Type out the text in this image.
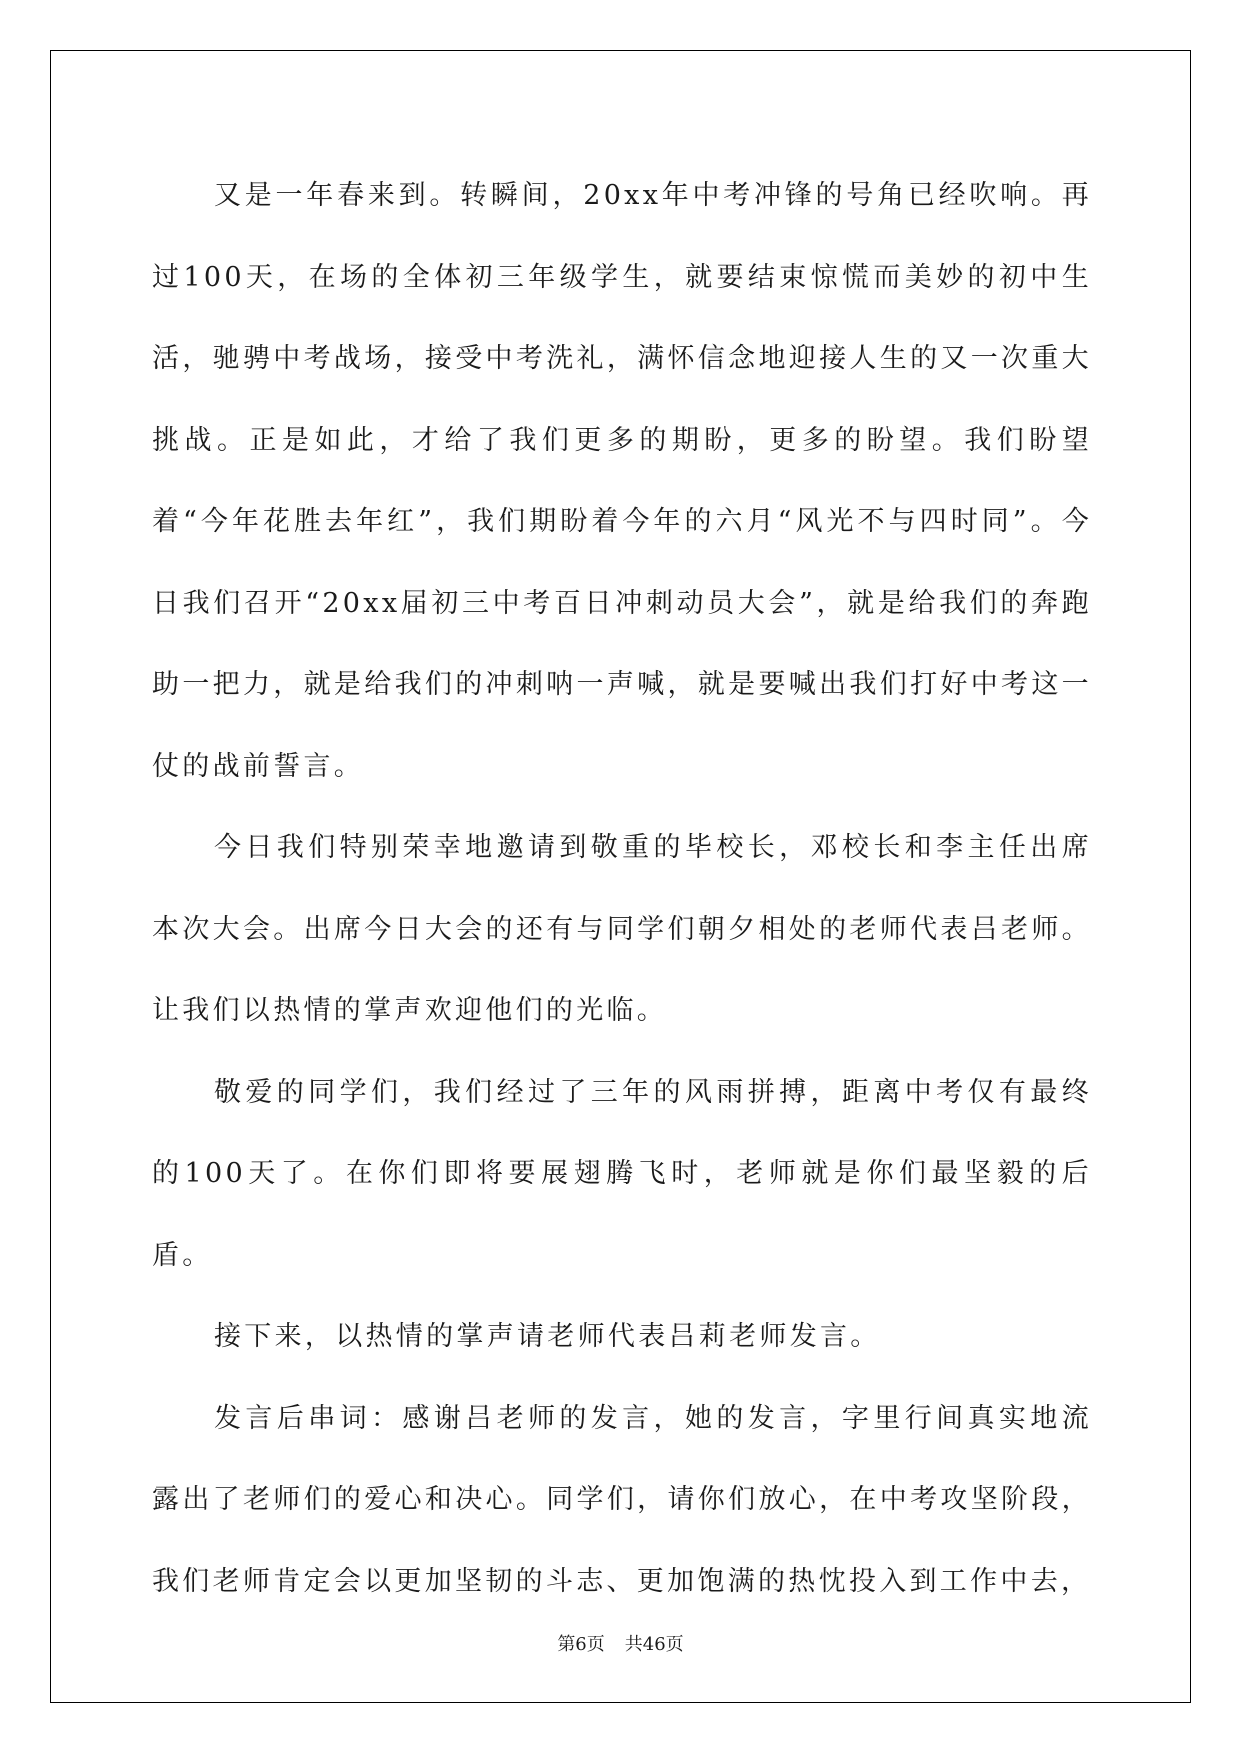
又是一年春来到。转瞬间，20xx年中考冲锋的号角已经吹响。再过100天，在场的全体初三年级学生，就要结束惊慌而美妙的初中生活，驰骋中考战场，接受中考洗礼，满怀信念地迎接人生的又一次重大挑战。正是如此，才给了我们更多的期盼，更多的盼望。我们盼望着“今年花胜去年红”，我们期盼着今年的六月“风光不与四时同”。今日我们召开“20xx届初三中考百日冲刺动员大会”，就是给我们的奔跑助一把力，就是给我们的冲刺呐一声喊，就是要喊出我们打好中考这一仗的战前誓言。

今日我们特别荣幸地邀请到敬重的毕校长，邓校长和李主任出席本次大会。出席今日大会的还有与同学们朝夕相处的老师代表吕老师。让我们以热情的掌声欢迎他们的光临。

敬爱的同学们，我们经过了三年的风雨拼搏，距离中考仅有最终的100天了。在你们即将要展翅腾飞时，老师就是你们最坚毅的后盾。

接下来，以热情的掌声请老师代表吕莉老师发言。

发言后串词：感谢吕老师的发言，她的发言，字里行间真实地流露出了老师们的爱心和决心。同学们，请你们放心，在中考攻坚阶段，我们老师肯定会以更加坚韧的斗志、更加饱满的热忱投入到工作中去，

第6页 共46页
